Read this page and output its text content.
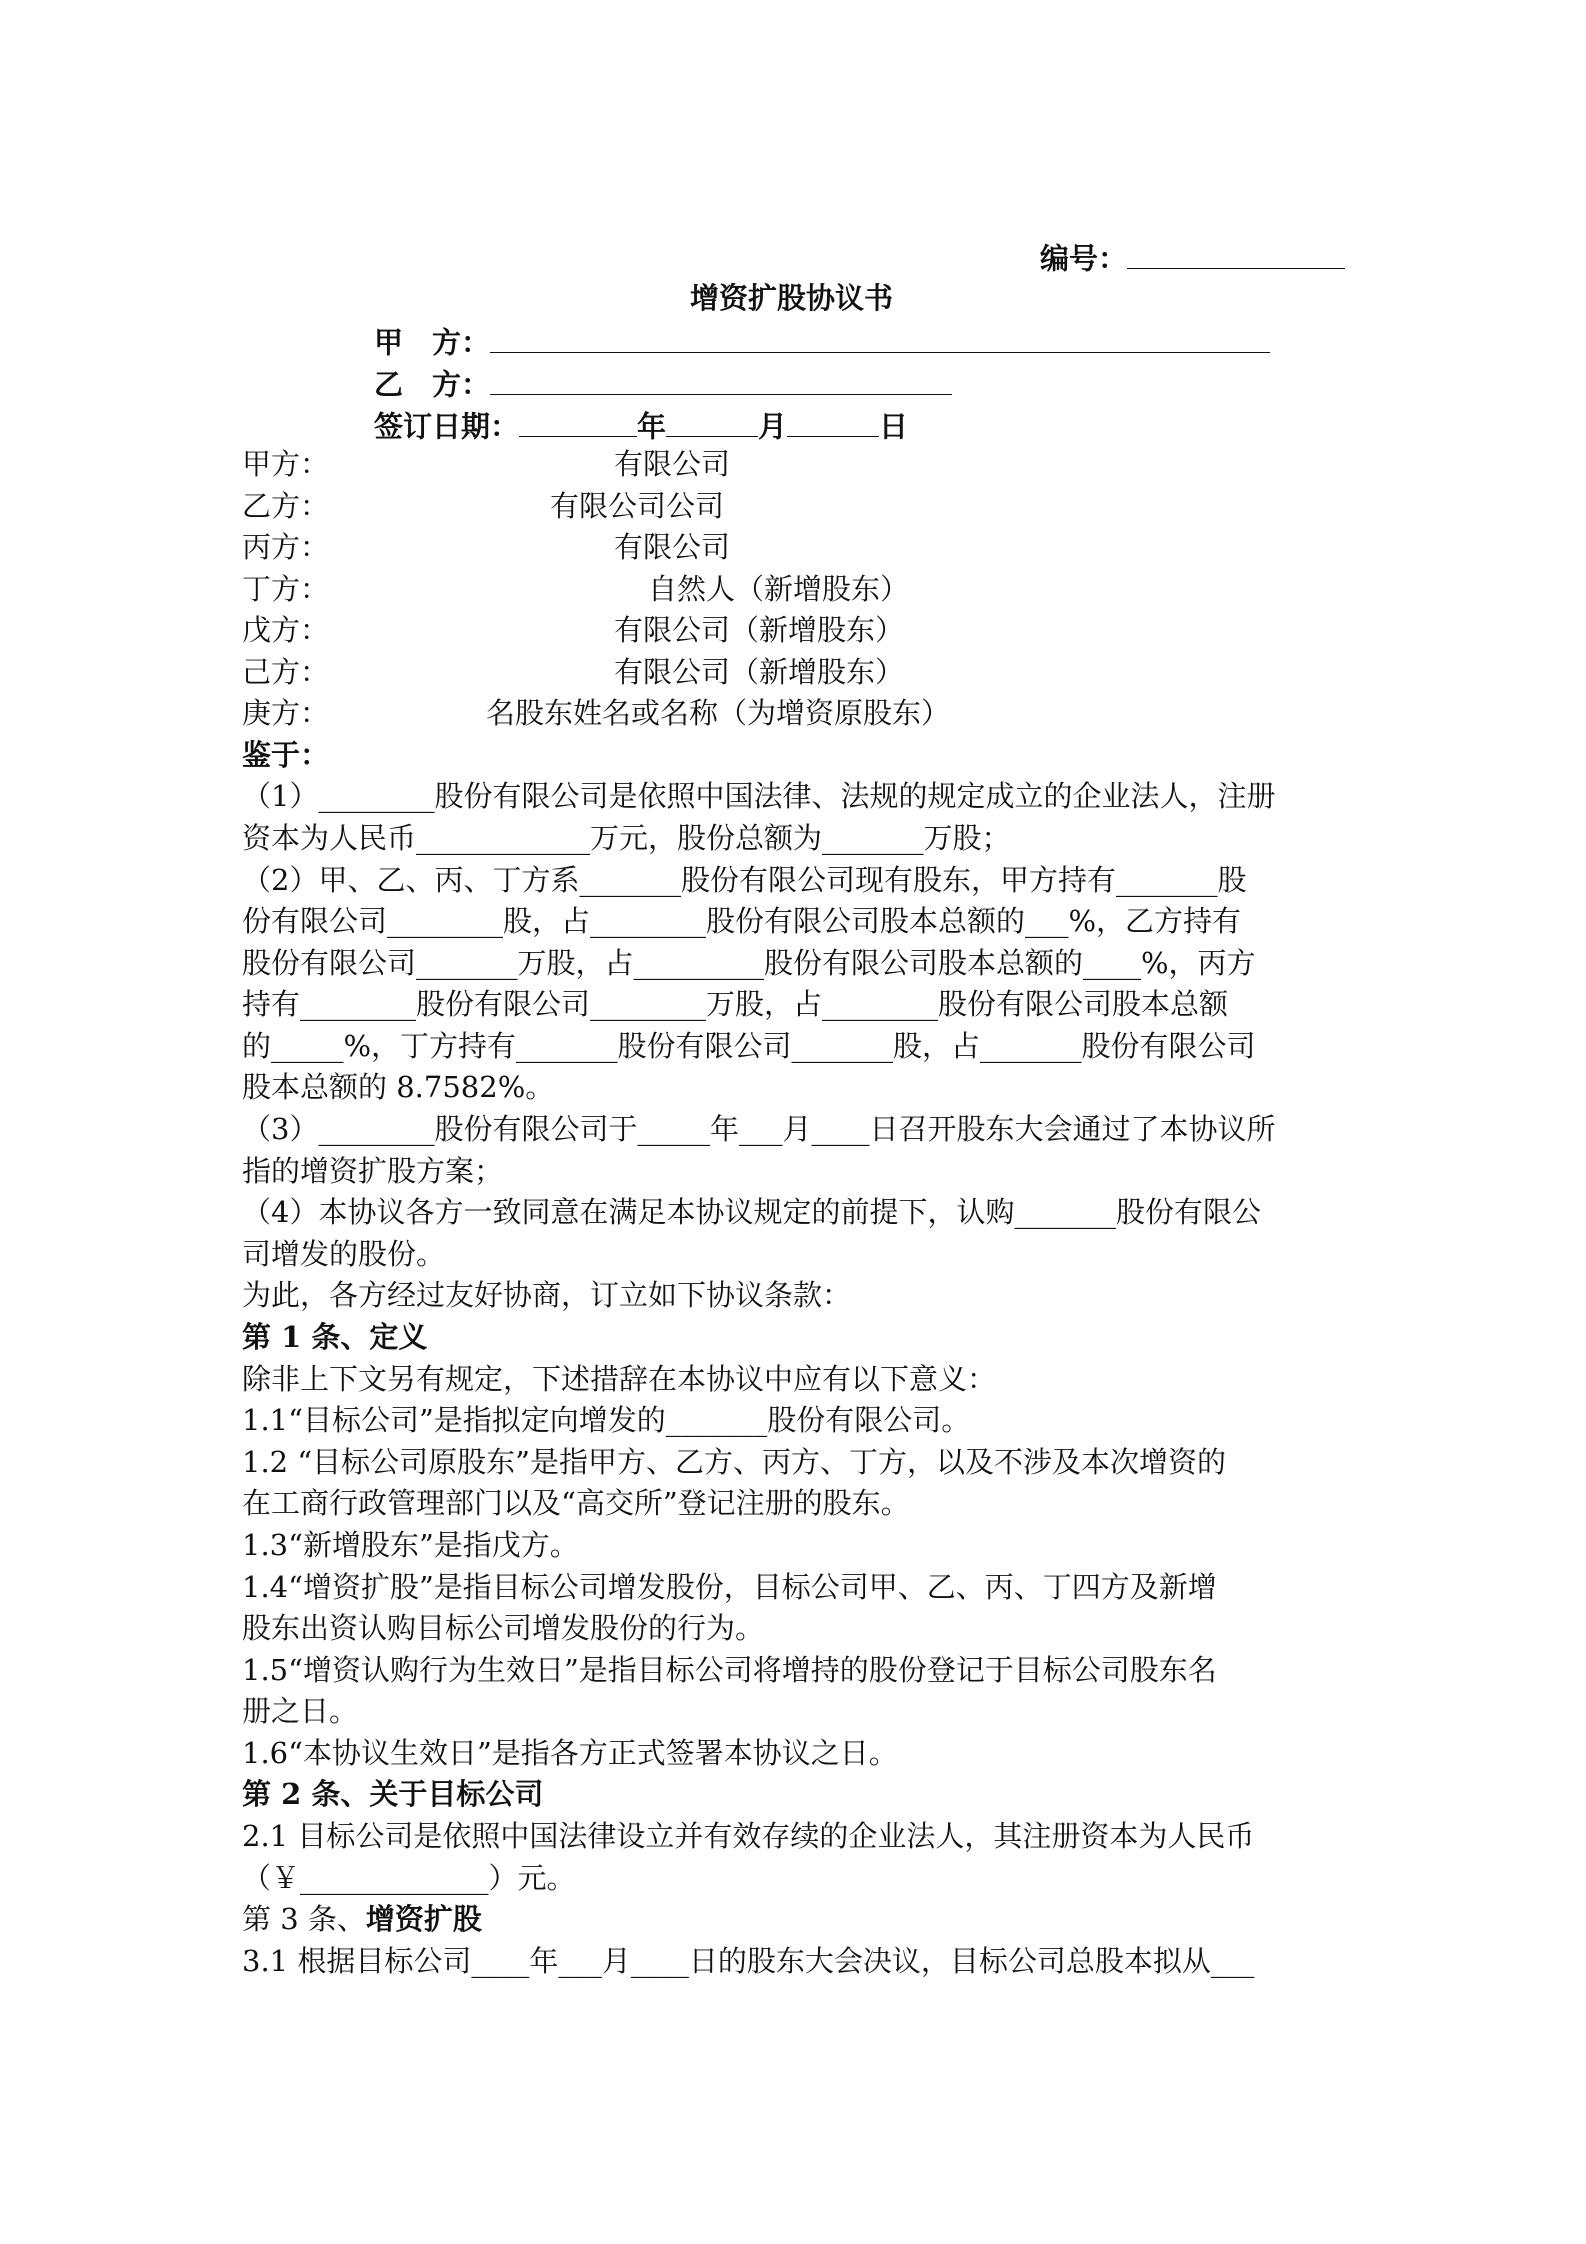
编号：
增资扩股协议书
甲　方：
乙　方：
签订日期：	年	月	日
甲方：	有限公司
乙方：	有限公司公司
丙方：	有限公司
丁方：	自然人（新增股东）
戊方：	有限公司（新增股东）
己方：	有限公司（新增股东）
庚方：	名股东姓名或名称（为增资原股东）
鉴于：
（1）________股份有限公司是依照中国法律、法规的规定成立的企业法人，注册
资本为人民币____________万元，股份总额为_______万股；
（2）甲、乙、丙、丁方系_______股份有限公司现有股东，甲方持有_______股
份有限公司________股，占________股份有限公司股本总额的___%，乙方持有
股份有限公司_______万股，占_________股份有限公司股本总额的____%，丙方
持有________股份有限公司________万股，占________股份有限公司股本总额
的_____%，丁方持有_______股份有限公司_______股，占_______股份有限公司
股本总额的 8.7582%。
（3）________股份有限公司于_____年___月____日召开股东大会通过了本协议所
指的增资扩股方案；
（4）本协议各方一致同意在满足本协议规定的前提下，认购_______股份有限公
司增发的股份。
为此，各方经过友好协商，订立如下协议条款：
第 1 条、定义
除非上下文另有规定，下述措辞在本协议中应有以下意义：
1.1“目标公司”是指拟定向增发的_______股份有限公司。
1.2 “目标公司原股东”是指甲方、乙方、丙方、丁方，以及不涉及本次增资的
在工商行政管理部门以及“高交所”登记注册的股东。
1.3“新增股东”是指戊方。
1.4“增资扩股”是指目标公司增发股份，目标公司甲、乙、丙、丁四方及新增
股东出资认购目标公司增发股份的行为。
1.5“增资认购行为生效日”是指目标公司将增持的股份登记于目标公司股东名
册之日。
1.6“本协议生效日”是指各方正式签署本协议之日。
第 2 条、关于目标公司
2.1 目标公司是依照中国法律设立并有效存续的企业法人，其注册资本为人民币
（￥_____________）元。
第 3 条、增资扩股
3.1 根据目标公司____年___月____日的股东大会决议，目标公司总股本拟从___
